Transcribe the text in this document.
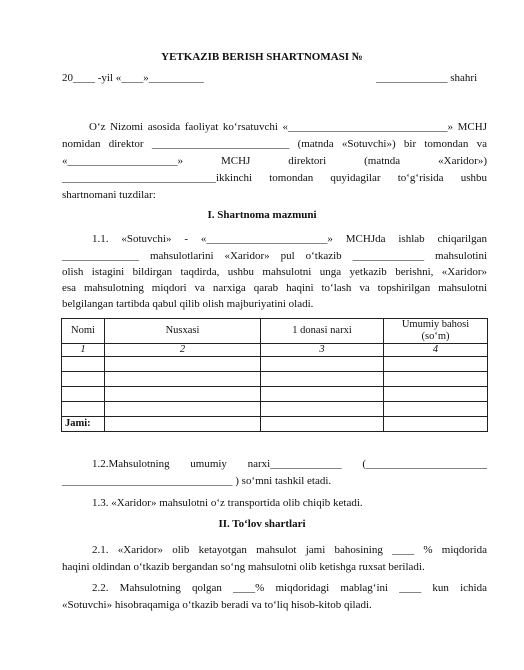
YETKAZIB BERISH SHARTNOMASI №
20____ -yil «____»__________	_____________ shahri
O‘z Nizomi asosida faoliyat ko‘rsatuvchi «_____________________________» MCHJ
nomidan direktor _________________________ (matnda «Sotuvchi») bir tomondan va
«____________________» MCHJ direktori (matnda «Xaridor»)
____________________________ikkinchi tomondan quyidagilar to‘g‘risida ushbu
shartnomani tuzdilar:
I. Shartnoma mazmuni
1.1. «Sotuvchi» - «______________________» MCHJda ishlab chiqarilgan
______________ mahsulotlarini «Xaridor» pul o‘tkazib _____________ mahsulotini
olish istagini bildirgan taqdirda, ushbu mahsulotni unga yetkazib berishni, «Xaridor»
esa mahsulotning miqdori va narxiga qarab haqini to‘lash va topshirilgan mahsulotni
belgilangan tartibda qabul qilib olish majburiyatini oladi.
Nomi	Nusxasi	1 donasi narxi	Umumiy bahosi (so‘m)
1	2	3	4

Jami:			
1.2.Mahsulotning umumiy narxi_____________ (______________________
_______________________________ ) so‘mni tashkil etadi.
1.3. «Xaridor» mahsulotni o‘z transportida olib chiqib ketadi.
II. To‘lov shartlari
2.1. «Xaridor» olib ketayotgan mahsulot jami bahosining ____ % miqdorida
haqini oldindan o‘tkazib bergandan so‘ng mahsulotni olib ketishga ruxsat beriladi.
2.2. Mahsulotning qolgan ____% miqdoridagi mablag‘ini ____ kun ichida
«Sotuvchi» hisobraqamiga o‘tkazib beradi va to‘liq hisob-kitob qiladi.
